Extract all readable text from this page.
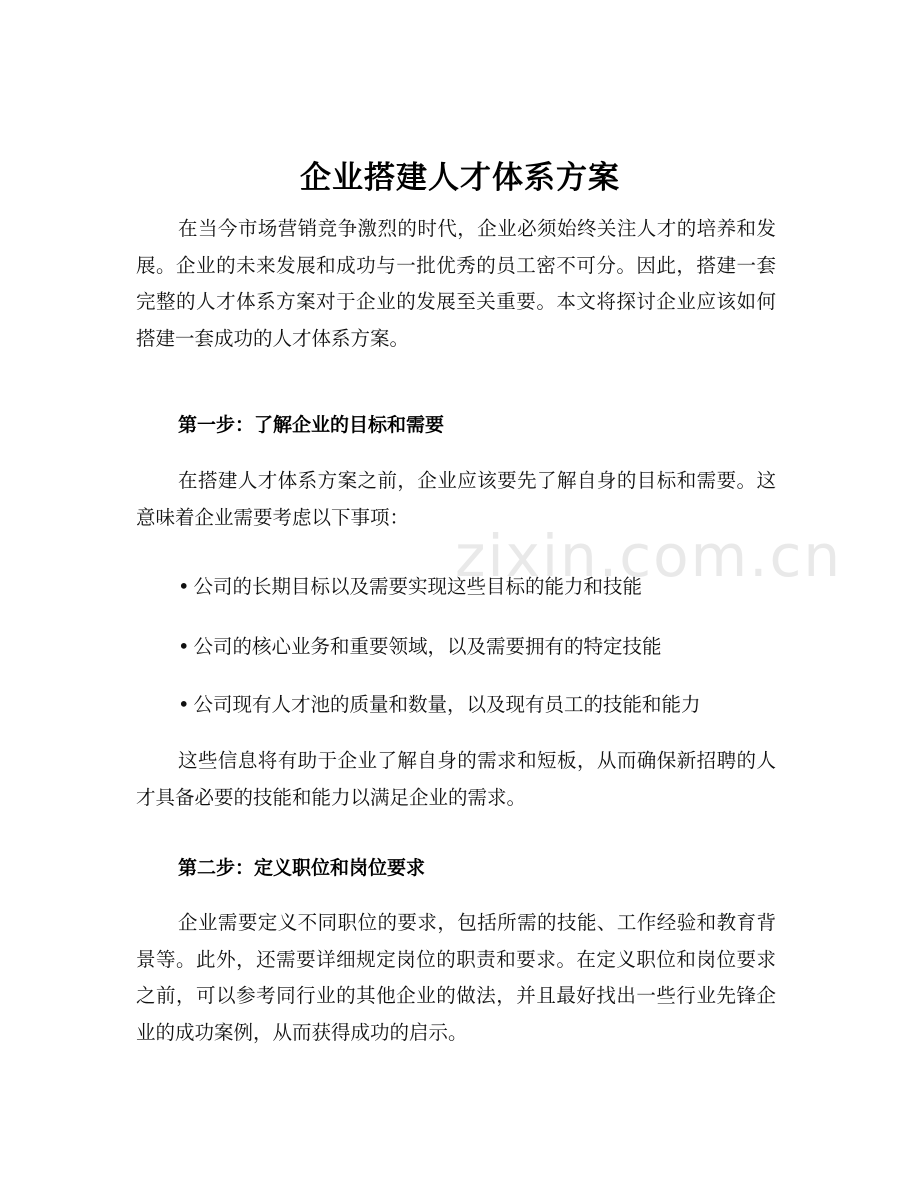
zixin.com.cn
企业搭建人才体系方案
在当今市场营销竞争激烈的时代，企业必须始终关注人才的培养和发展。企业的未来发展和成功与一批优秀的员工密不可分。因此，搭建一套完整的人才体系方案对于企业的发展至关重要。本文将探讨企业应该如何搭建一套成功的人才体系方案。
第一步：了解企业的目标和需要
在搭建人才体系方案之前，企业应该要先了解自身的目标和需要。这意味着企业需要考虑以下事项：
• 公司的长期目标以及需要实现这些目标的能力和技能
• 公司的核心业务和重要领域，以及需要拥有的特定技能
• 公司现有人才池的质量和数量，以及现有员工的技能和能力
这些信息将有助于企业了解自身的需求和短板，从而确保新招聘的人才具备必要的技能和能力以满足企业的需求。
第二步：定义职位和岗位要求
企业需要定义不同职位的要求，包括所需的技能、工作经验和教育背景等。此外，还需要详细规定岗位的职责和要求。在定义职位和岗位要求之前，可以参考同行业的其他企业的做法，并且最好找出一些行业先锋企业的成功案例，从而获得成功的启示。
